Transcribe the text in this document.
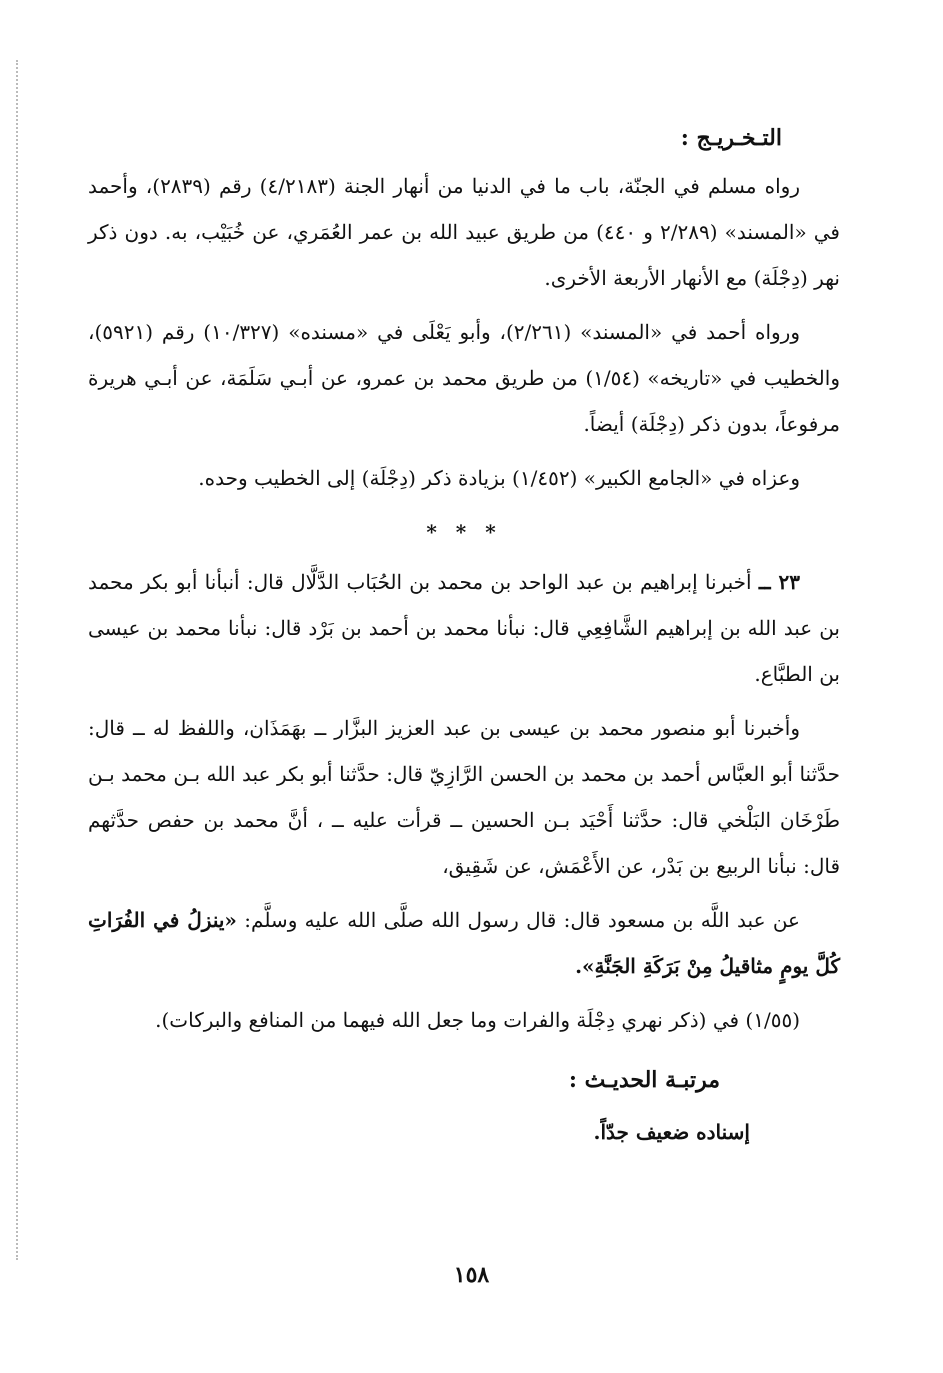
التـخـريـج :

رواه مسلم في الجنّة، باب ما في الدنيا من أنهار الجنة (٤/٢١٨٣) رقم (٢٨٣٩)، وأحمد في «المسند» (٢/٢٨٩ و ٤٤٠) من طريق عبيد الله بن عمر العُمَري، عن خُبَيْب، به. دون ذكر نهر (دِجْلَة) مع الأنهار الأربعة الأخرى.

ورواه أحمد في «المسند» (٢/٢٦١)، وأبو يَعْلَى في «مسنده» (١٠/٣٢٧) رقم (٥٩٢١)، والخطيب في «تاريخه» (١/٥٤) من طريق محمد بن عمرو، عن أبـي سَلَمَة، عن أبـي هريرة مرفوعاً، بدون ذكر (دِجْلَة) أيضاً.

وعزاه في «الجامع الكبير» (١/٤٥٢) بزيادة ذكر (دِجْلَة) إلى الخطيب وحده.

* * *

٢٣ ــ أخبرنا إبراهيم بن عبد الواحد بن محمد بن الحُبَاب الدَّلَّال قال: أنبأنا أبو بكر محمد بن عبد الله بن إبراهيم الشَّافِعِي قال: نبأنا محمد بن أحمد بن بَرْد قال: نبأنا محمد بن عيسى بن الطبَّاع.

وأخبرنا أبو منصور محمد بن عيسى بن عبد العزيز البزَّار ــ بهَمَذَان، واللفظ له ــ قال: حدَّثنا أبو العبَّاس أحمد بن محمد بن الحسن الرَّازِيّ قال: حدَّثنا أبو بكر عبد الله بـن محمد بـن طَرْخَان البَلْخي قال: حدَّثنا أَحْيَد بـن الحسين ــ قرأت عليه ــ ، أنَّ محمد بن حفص حدَّثهم قال: نبأنا الربيع بن بَدْر، عن الأَعْمَش، عن شَقِيق،

عن عبد اللَّه بن مسعود قال: قال رسول الله صلَّى الله عليه وسلَّم: «ينزلُ في الفُرَاتِ كُلَّ يومٍ مثاقيلُ مِنْ بَرَكَةِ الجَنَّةِ».

(١/٥٥) في (ذكر نهري دِجْلَة والفرات وما جعل الله فيهما من المنافع والبركات).

مرتبـة الحديـث :
إسناده ضعيف جدّاً.
١٥٨
